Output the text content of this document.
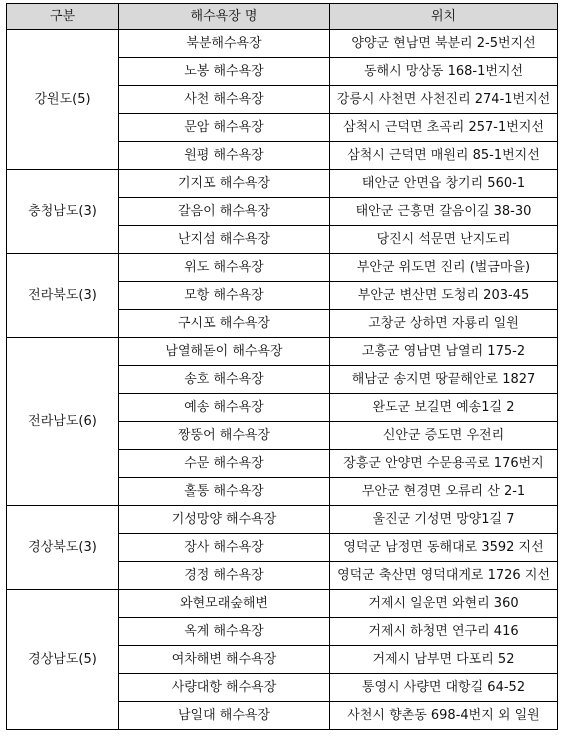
구분	해수욕장 명	위치
강원도(5)	북분해수욕장	양양군 현남면 북분리 2-5번지선
	노봉 해수욕장	동해시 망상동 168-1번지선
	사천 해수욕장	강릉시 사천면 사천진리 274-1번지선
	문암 해수욕장	삼척시 근덕면 초곡리 257-1번지선
	원평 해수욕장	삼척시 근덕면 매원리 85-1번지선
충청남도(3)	기지포 해수욕장	태안군 안면읍 창기리 560-1
	갈음이 해수욕장	태안군 근흥면 갈음이길 38-30
	난지섬 해수욕장	당진시 석문면 난지도리
전라북도(3)	위도 해수욕장	부안군 위도면 진리 (벌금마을)
	모항 해수욕장	부안군 변산면 도청리 203-45
	구시포 해수욕장	고창군 상하면 자룡리 일원
전라남도(6)	남열해돋이 해수욕장	고흥군 영남면 남열리 175-2
	송호 해수욕장	해남군 송지면 땅끝해안로 1827
	예송 해수욕장	완도군 보길면 예송1길 2
	짱뚱어 해수욕장	신안군 증도면 우전리
	수문 해수욕장	장흥군 안양면 수문용곡로 176번지
	홀통 해수욕장	무안군 현경면 오류리 산 2-1
경상북도(3)	기성망양 해수욕장	울진군 기성면 망양1길 7
	장사 해수욕장	영덕군 남정면 동해대로 3592 지선
	경정 해수욕장	영덕군 축산면 영덕대게로 1726 지선
경상남도(5)	와현모래숲해변	거제시 일운면 와현리 360
	옥계 해수욕장	거제시 하청면 연구리 416
	여차해변 해수욕장	거제시 남부면 다포리 52
	사량대항 해수욕장	통영시 사량면 대항길 64-52
	남일대 해수욕장	사천시 향촌동 698-4번지 외 일원
